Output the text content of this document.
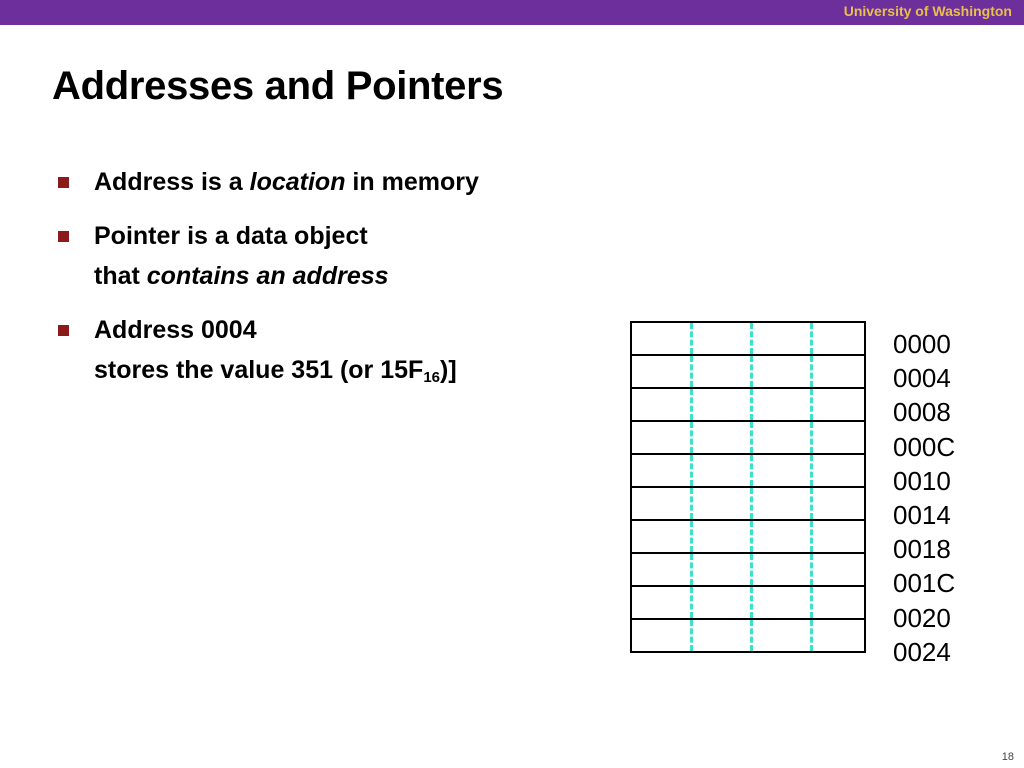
University of Washington
Addresses and Pointers
Address is a location in memory
Pointer is a data object
that contains an address
Address 0004
stores the value 351 (or $15F_{16}$)]
0000
0004
0008
000C
0010
0014
0018
001C
0020
0024
18
